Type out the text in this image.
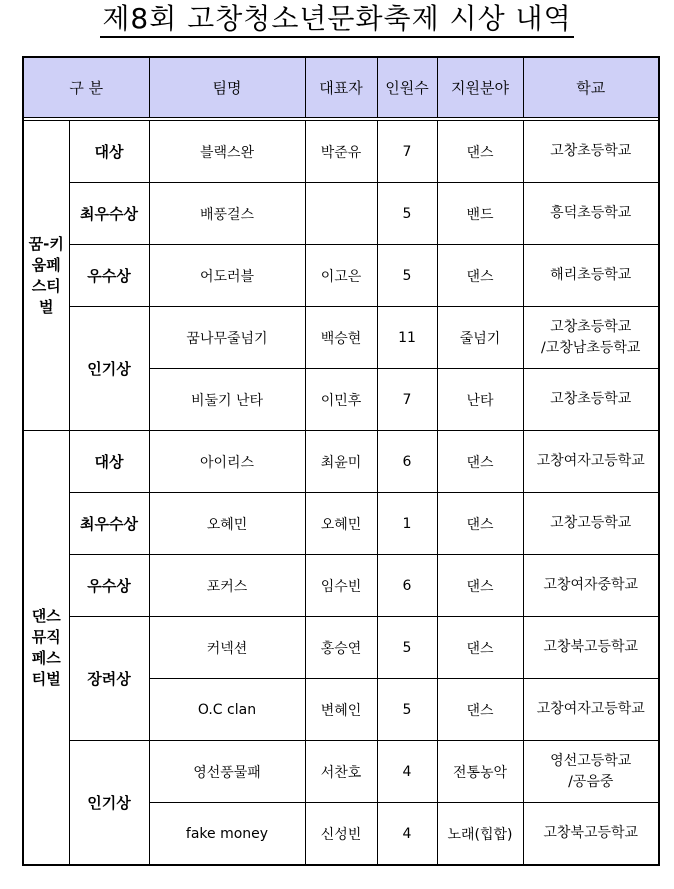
제8회 고창청소년문화축제 시상 내역
구 분		팀명	대표자	인원수	지원분야	학교

꿈-키
움페
스티
벌	대상	블랙스완	박준유	7	댄스	고창초등학교
	최우수상	배풍걸스		5	밴드	흥덕초등학교
	우수상	어도러블	이고은	5	댄스	해리초등학교
	인기상	꿈나무줄넘기	백승현	11	줄넘기	고창초등학교
/고창남초등학교
		비둘기 난타	이민후	7	난타	고창초등학교
댄스
뮤직
페스
티벌	대상	아이리스	최윤미	6	댄스	고창여자고등학교
	최우수상	오혜민	오혜민	1	댄스	고창고등학교
	우수상	포커스	임수빈	6	댄스	고창여자중학교
	장려상	커넥션	홍승연	5	댄스	고창북고등학교
		O.C clan	변혜인	5	댄스	고창여자고등학교
	인기상	영선풍물패	서찬호	4	전통농악	영선고등학교
/공음중
		fake money	신성빈	4	노래(힙합)	고창북고등학교
